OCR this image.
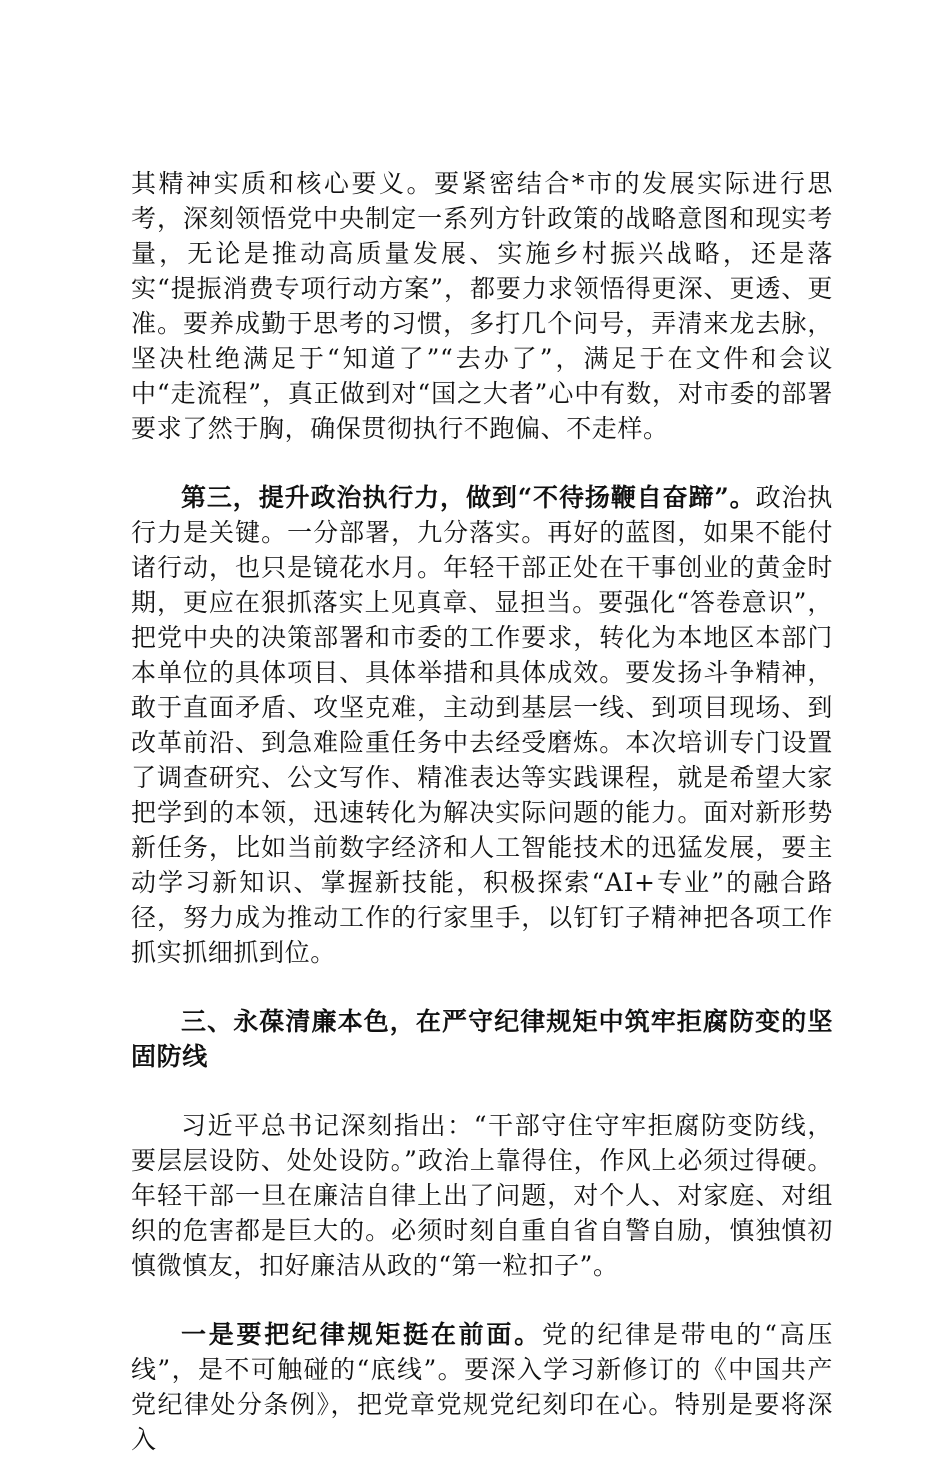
其精神实质和核心要义。要紧密结合*市的发展实际进行思考，深刻领悟党中央制定一系列方针政策的战略意图和现实考量，无论是推动高质量发展、实施乡村振兴战略，还是落实“提振消费专项行动方案”，都要力求领悟得更深、更透、更准。要养成勤于思考的习惯，多打几个问号，弄清来龙去脉，坚决杜绝满足于“知道了”“去办了”，满足于在文件和会议中“走流程”，真正做到对“国之大者”心中有数，对市委的部署要求了然于胸，确保贯彻执行不跑偏、不走样。

第三，提升政治执行力，做到“不待扬鞭自奋蹄”。政治执行力是关键。一分部署，九分落实。再好的蓝图，如果不能付诸行动，也只是镜花水月。年轻干部正处在干事创业的黄金时期，更应在狠抓落实上见真章、显担当。要强化“答卷意识”，把党中央的决策部署和市委的工作要求，转化为本地区本部门本单位的具体项目、具体举措和具体成效。要发扬斗争精神，敢于直面矛盾、攻坚克难，主动到基层一线、到项目现场、到改革前沿、到急难险重任务中去经受磨炼。本次培训专门设置了调查研究、公文写作、精准表达等实践课程，就是希望大家把学到的本领，迅速转化为解决实际问题的能力。面对新形势新任务，比如当前数字经济和人工智能技术的迅猛发展，要主动学习新知识、掌握新技能，积极探索“AI+专业”的融合路径，努力成为推动工作的行家里手，以钉钉子精神把各项工作抓实抓细抓到位。

三、永葆清廉本色，在严守纪律规矩中筑牢拒腐防变的坚固防线

习近平总书记深刻指出：“干部守住守牢拒腐防变防线，要层层设防、处处设防。”政治上靠得住，作风上必须过得硬。年轻干部一旦在廉洁自律上出了问题，对个人、对家庭、对组织的危害都是巨大的。必须时刻自重自省自警自励，慎独慎初慎微慎友，扣好廉洁从政的“第一粒扣子”。

一是要把纪律规矩挺在前面。党的纪律是带电的“高压线”，是不可触碰的“底线”。要深入学习新修订的《中国共产党纪律处分条例》，把党章党规党纪刻印在心。特别是要将深入
